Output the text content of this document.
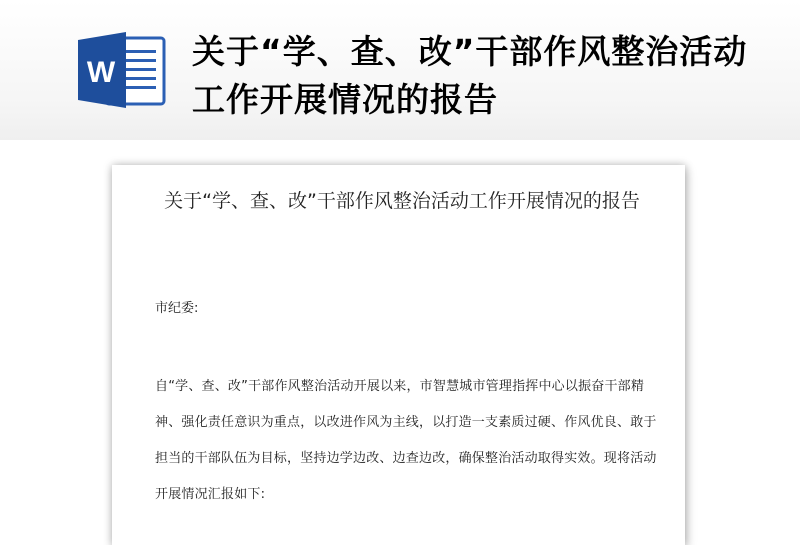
W
关于“学、查、改”干部作风整治活动工作开展情况的报告
关于“学、查、改”干部作风整治活动工作开展情况的报告
市纪委:
自“学、查、改”干部作风整治活动开展以来，市智慧城市管理指挥中心以振奋干部精神、强化责任意识为重点，以改进作风为主线，以打造一支素质过硬、作风优良、敢于担当的干部队伍为目标，坚持边学边改、边查边改，确保整治活动取得实效。现将活动开展情况汇报如下:
